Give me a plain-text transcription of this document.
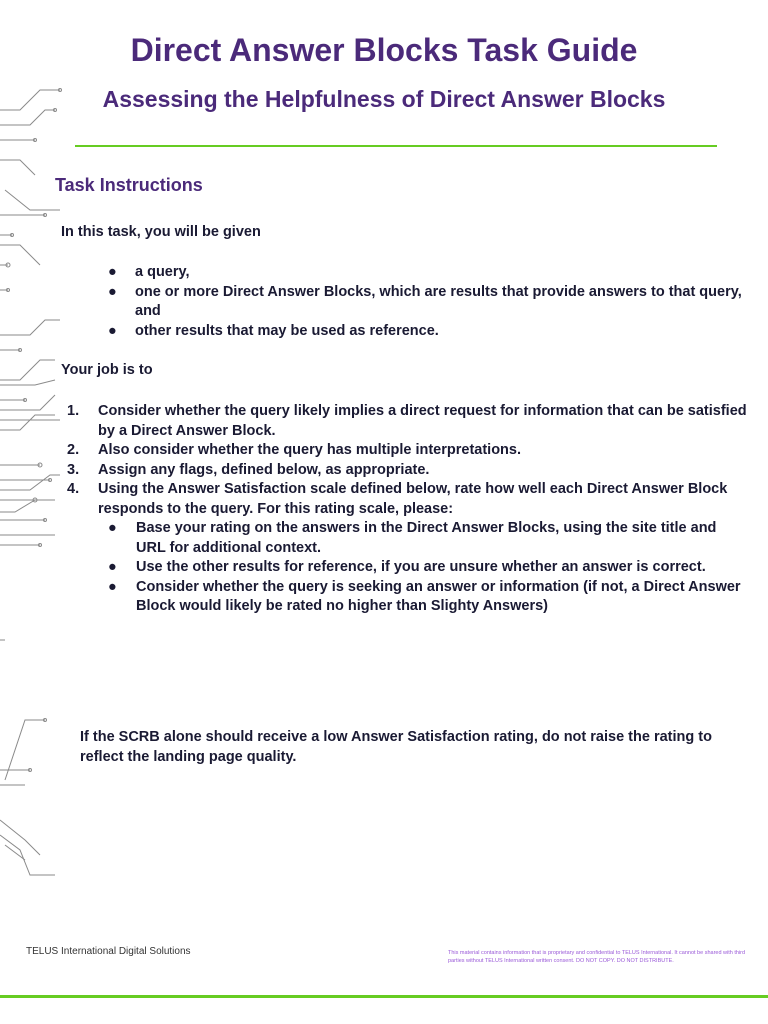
Direct Answer Blocks Task Guide
Assessing the Helpfulness of Direct Answer Blocks
Task Instructions
In this task, you will be given
● a query,
● one or more Direct Answer Blocks, which are results that provide answers to that query, and
● other results that may be used as reference.
Your job is to
1. Consider whether the query likely implies a direct request for information that can be satisfied by a Direct Answer Block.
2. Also consider whether the query has multiple interpretations.
3. Assign any flags, defined below, as appropriate.
4. Using the Answer Satisfaction scale defined below, rate how well each Direct Answer Block responds to the query. For this rating scale, please:
● Base your rating on the answers in the Direct Answer Blocks, using the site title and URL for additional context.
● Use the other results for reference, if you are unsure whether an answer is correct.
● Consider whether the query is seeking an answer or information (if not, a Direct Answer Block would likely be rated no higher than Slighty Answers)
If the SCRB alone should receive a low Answer Satisfaction rating, do not raise the rating to reflect the landing page quality.
TELUS International Digital Solutions	This material contains information that is proprietary and confidential to TELUS International. It cannot be shared with third parties without TELUS International written consent. DO NOT COPY. DO NOT DISTRIBUTE.
